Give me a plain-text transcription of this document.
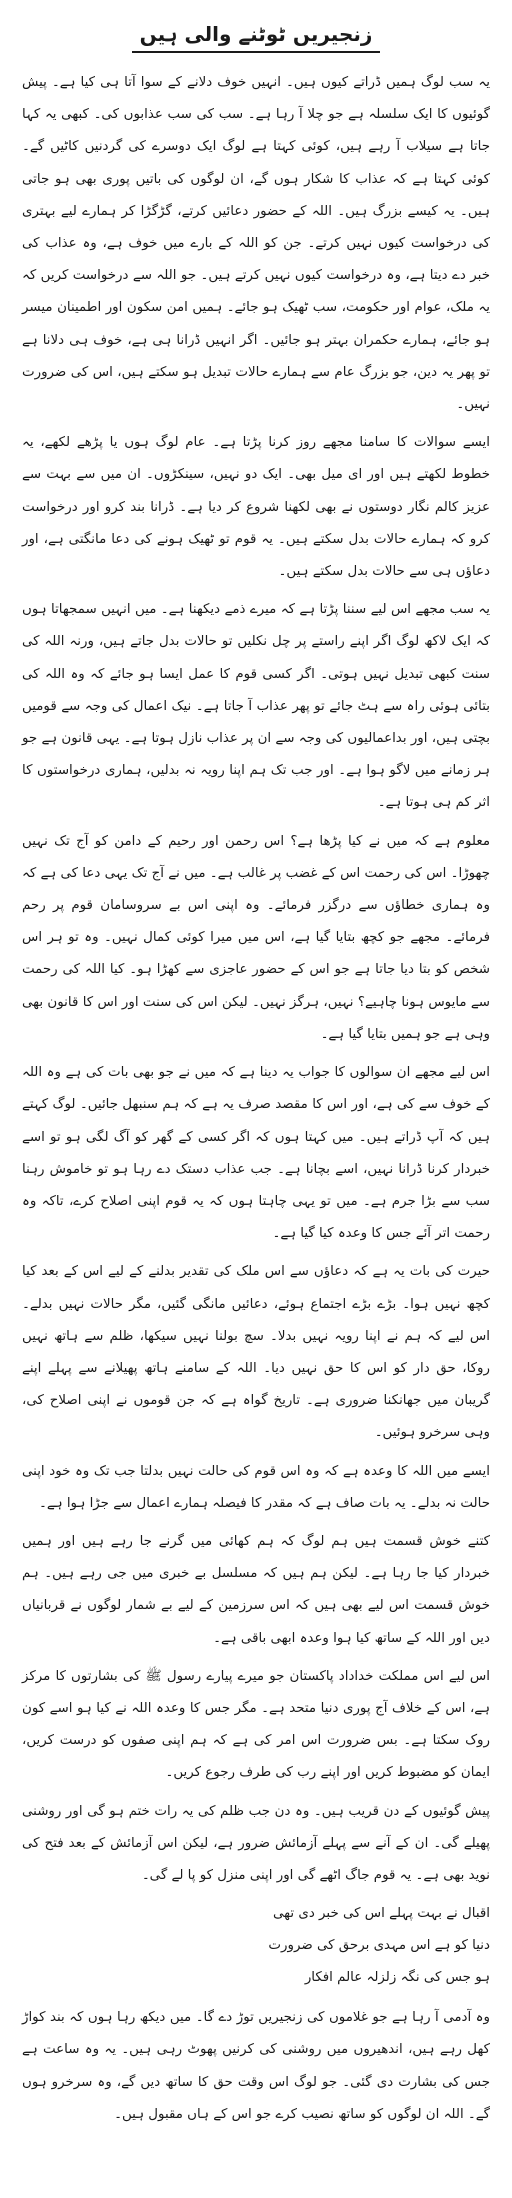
زنجیریں ٹوٹنے والی ہیں

یہ سب لوگ ہمیں ڈراتے کیوں ہیں۔ انہیں خوف دلانے کے سوا آتا ہی کیا ہے۔ پیش گوئیوں کا ایک سلسلہ ہے جو چلا آ رہا ہے۔ سب کی سب عذابوں کی۔ کبھی یہ کہا جاتا ہے سیلاب آ رہے ہیں، کوئی کہتا ہے لوگ ایک دوسرے کی گردنیں کاٹیں گے۔ کوئی کہتا ہے کہ عذاب کا شکار ہوں گے، ان لوگوں کی باتیں پوری بھی ہو جاتی ہیں۔ یہ کیسے بزرگ ہیں۔ اللہ کے حضور دعائیں کرتے، گڑگڑا کر ہمارے لیے بہتری کی درخواست کیوں نہیں کرتے۔ جن کو اللہ کے بارے میں خوف ہے، وہ عذاب کی خبر دے دیتا ہے، وہ درخواست کیوں نہیں کرتے ہیں۔ جو اللہ سے درخواست کریں کہ یہ ملک، عوام اور حکومت، سب ٹھیک ہو جائے۔ ہمیں امن سکون اور اطمینان میسر ہو جائے، ہمارے حکمران بہتر ہو جائیں۔ اگر انہیں ڈرانا ہی ہے، خوف ہی دلانا ہے تو پھر یہ دین، جو بزرگ عام سے ہمارے حالات تبدیل ہو سکتے ہیں، اس کی ضرورت نہیں۔

ایسے سوالات کا سامنا مجھے روز کرنا پڑتا ہے۔ عام لوگ ہوں یا پڑھے لکھے، یہ خطوط لکھتے ہیں اور ای میل بھی۔ ایک دو نہیں، سینکڑوں۔ ان میں سے بہت سے عزیز کالم نگار دوستوں نے بھی لکھنا شروع کر دیا ہے۔ ڈرانا بند کرو اور درخواست کرو کہ ہمارے حالات بدل سکتے ہیں۔ یہ قوم تو ٹھیک ہونے کی دعا مانگتی ہے، اور دعاؤں ہی سے حالات بدل سکتے ہیں۔

یہ سب مجھے اس لیے سننا پڑتا ہے کہ میرے ذمے دیکھنا ہے۔ میں انہیں سمجھاتا ہوں کہ ایک لاکھ لوگ اگر اپنے راستے پر چل نکلیں تو حالات بدل جاتے ہیں، ورنہ اللہ کی سنت کبھی تبدیل نہیں ہوتی۔ اگر کسی قوم کا عمل ایسا ہو جائے کہ وہ اللہ کی بتائی ہوئی راہ سے ہٹ جائے تو پھر عذاب آ جاتا ہے۔ نیک اعمال کی وجہ سے قومیں بچتی ہیں، اور بداعمالیوں کی وجہ سے ان پر عذاب نازل ہوتا ہے۔ یہی قانون ہے جو ہر زمانے میں لاگو ہوا ہے۔ اور جب تک ہم اپنا رویہ نہ بدلیں، ہماری درخواستوں کا اثر کم ہی ہوتا ہے۔

معلوم ہے کہ میں نے کیا پڑھا ہے؟ اس رحمن اور رحیم کے دامن کو آج تک نہیں چھوڑا۔ اس کی رحمت اس کے غضب پر غالب ہے۔ میں نے آج تک یہی دعا کی ہے کہ وہ ہماری خطاؤں سے درگزر فرمائے۔ وہ اپنی اس بے سروسامان قوم پر رحم فرمائے۔ مجھے جو کچھ بتایا گیا ہے، اس میں میرا کوئی کمال نہیں۔ وہ تو ہر اس شخص کو بتا دیا جاتا ہے جو اس کے حضور عاجزی سے کھڑا ہو۔ کیا اللہ کی رحمت سے مایوس ہونا چاہیے؟ نہیں، ہرگز نہیں۔ لیکن اس کی سنت اور اس کا قانون بھی وہی ہے جو ہمیں بتایا گیا ہے۔

اس لیے مجھے ان سوالوں کا جواب یہ دینا ہے کہ میں نے جو بھی بات کی ہے وہ اللہ کے خوف سے کی ہے، اور اس کا مقصد صرف یہ ہے کہ ہم سنبھل جائیں۔ لوگ کہتے ہیں کہ آپ ڈراتے ہیں۔ میں کہتا ہوں کہ اگر کسی کے گھر کو آگ لگی ہو تو اسے خبردار کرنا ڈرانا نہیں، اسے بچانا ہے۔ جب عذاب دستک دے رہا ہو تو خاموش رہنا سب سے بڑا جرم ہے۔ میں تو یہی چاہتا ہوں کہ یہ قوم اپنی اصلاح کرے، تاکہ وہ رحمت اتر آئے جس کا وعدہ کیا گیا ہے۔

حیرت کی بات یہ ہے کہ دعاؤں سے اس ملک کی تقدیر بدلنے کے لیے اس کے بعد کیا کچھ نہیں ہوا۔ بڑے بڑے اجتماع ہوئے، دعائیں مانگی گئیں، مگر حالات نہیں بدلے۔ اس لیے کہ ہم نے اپنا رویہ نہیں بدلا۔ سچ بولنا نہیں سیکھا، ظلم سے ہاتھ نہیں روکا، حق دار کو اس کا حق نہیں دیا۔ اللہ کے سامنے ہاتھ پھیلانے سے پہلے اپنے گریبان میں جھانکنا ضروری ہے۔ تاریخ گواہ ہے کہ جن قوموں نے اپنی اصلاح کی، وہی سرخرو ہوئیں۔

ایسے میں اللہ کا وعدہ ہے کہ وہ اس قوم کی حالت نہیں بدلتا جب تک وہ خود اپنی حالت نہ بدلے۔ یہ بات صاف ہے کہ مقدر کا فیصلہ ہمارے اعمال سے جڑا ہوا ہے۔

کتنے خوش قسمت ہیں ہم لوگ کہ ہم کھائی میں گرنے جا رہے ہیں اور ہمیں خبردار کیا جا رہا ہے۔ لیکن ہم ہیں کہ مسلسل بے خبری میں جی رہے ہیں۔ ہم خوش قسمت اس لیے بھی ہیں کہ اس سرزمین کے لیے بے شمار لوگوں نے قربانیاں دیں اور اللہ کے ساتھ کیا ہوا وعدہ ابھی باقی ہے۔

اس لیے اس مملکت خداداد پاکستان جو میرے پیارے رسول ﷺ کی بشارتوں کا مرکز ہے، اس کے خلاف آج پوری دنیا متحد ہے۔ مگر جس کا وعدہ اللہ نے کیا ہو اسے کون روک سکتا ہے۔ بس ضرورت اس امر کی ہے کہ ہم اپنی صفوں کو درست کریں، ایمان کو مضبوط کریں اور اپنے رب کی طرف رجوع کریں۔

پیش گوئیوں کے دن قریب ہیں۔ وہ دن جب ظلم کی یہ رات ختم ہو گی اور روشنی پھیلے گی۔ ان کے آنے سے پہلے آزمائش ضرور ہے، لیکن اس آزمائش کے بعد فتح کی نوید بھی ہے۔ یہ قوم جاگ اٹھے گی اور اپنی منزل کو پا لے گی۔

اقبال نے بہت پہلے اس کی خبر دی تھی
دنیا کو ہے اس مہدی برحق کی ضرورت
ہو جس کی نگہ زلزلہ عالم افکار

وہ آدمی آ رہا ہے جو غلاموں کی زنجیریں توڑ دے گا۔ میں دیکھ رہا ہوں کہ بند کواڑ کھل رہے ہیں، اندھیروں میں روشنی کی کرنیں پھوٹ رہی ہیں۔ یہ وہ ساعت ہے جس کی بشارت دی گئی۔ جو لوگ اس وقت حق کا ساتھ دیں گے، وہ سرخرو ہوں گے۔ اللہ ان لوگوں کو ساتھ نصیب کرے جو اس کے ہاں مقبول ہیں۔
